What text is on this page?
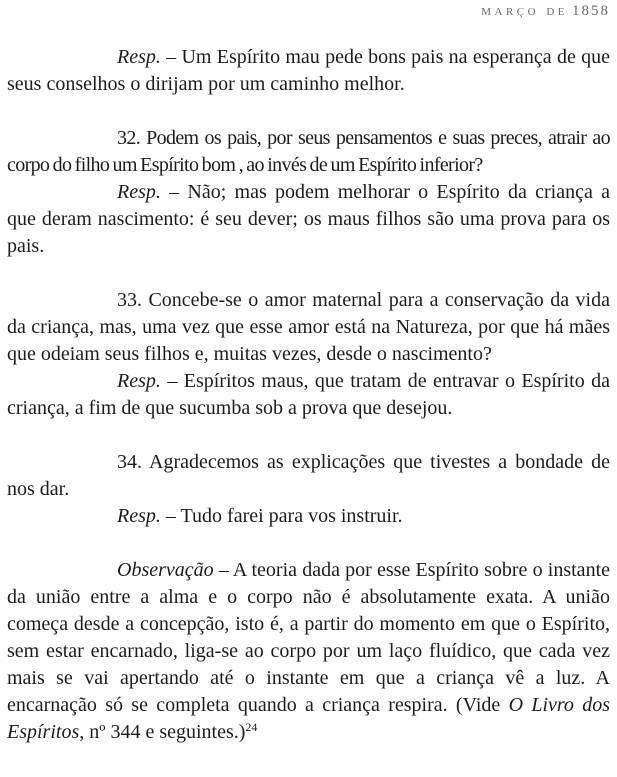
março de 1858

Resp. – Um Espírito mau pede bons pais na esperança de que seus conselhos o dirijam por um caminho melhor.

32. Podem os pais, por seus pensamentos e suas preces, atrair ao corpo do filho um Espírito bom , ao invés de um Espírito inferior?

Resp. – Não; mas podem melhorar o Espírito da criança a que deram nascimento: é seu dever; os maus filhos são uma prova para os pais.

33. Concebe-se o amor maternal para a conservação da vida da criança, mas, uma vez que esse amor está na Natureza, por que há mães que odeiam seus filhos e, muitas vezes, desde o nascimento?

Resp. – Espíritos maus, que tratam de entravar o Espírito da criança, a fim de que sucumba sob a prova que desejou.

34. Agradecemos as explicações que tivestes a bondade de nos dar.

Resp. – Tudo farei para vos instruir.

Observação – A teoria dada por esse Espírito sobre o instante da união entre a alma e o corpo não é absolutamente exata. A união começa desde a concepção, isto é, a partir do momento em que o Espírito, sem estar encarnado, liga-se ao corpo por um laço fluídico, que cada vez mais se vai apertando até o instante em que a criança vê a luz. A encarnação só se completa quando a criança respira. (Vide O Livro dos Espíritos, nº 344 e seguintes.)$^{24}$
